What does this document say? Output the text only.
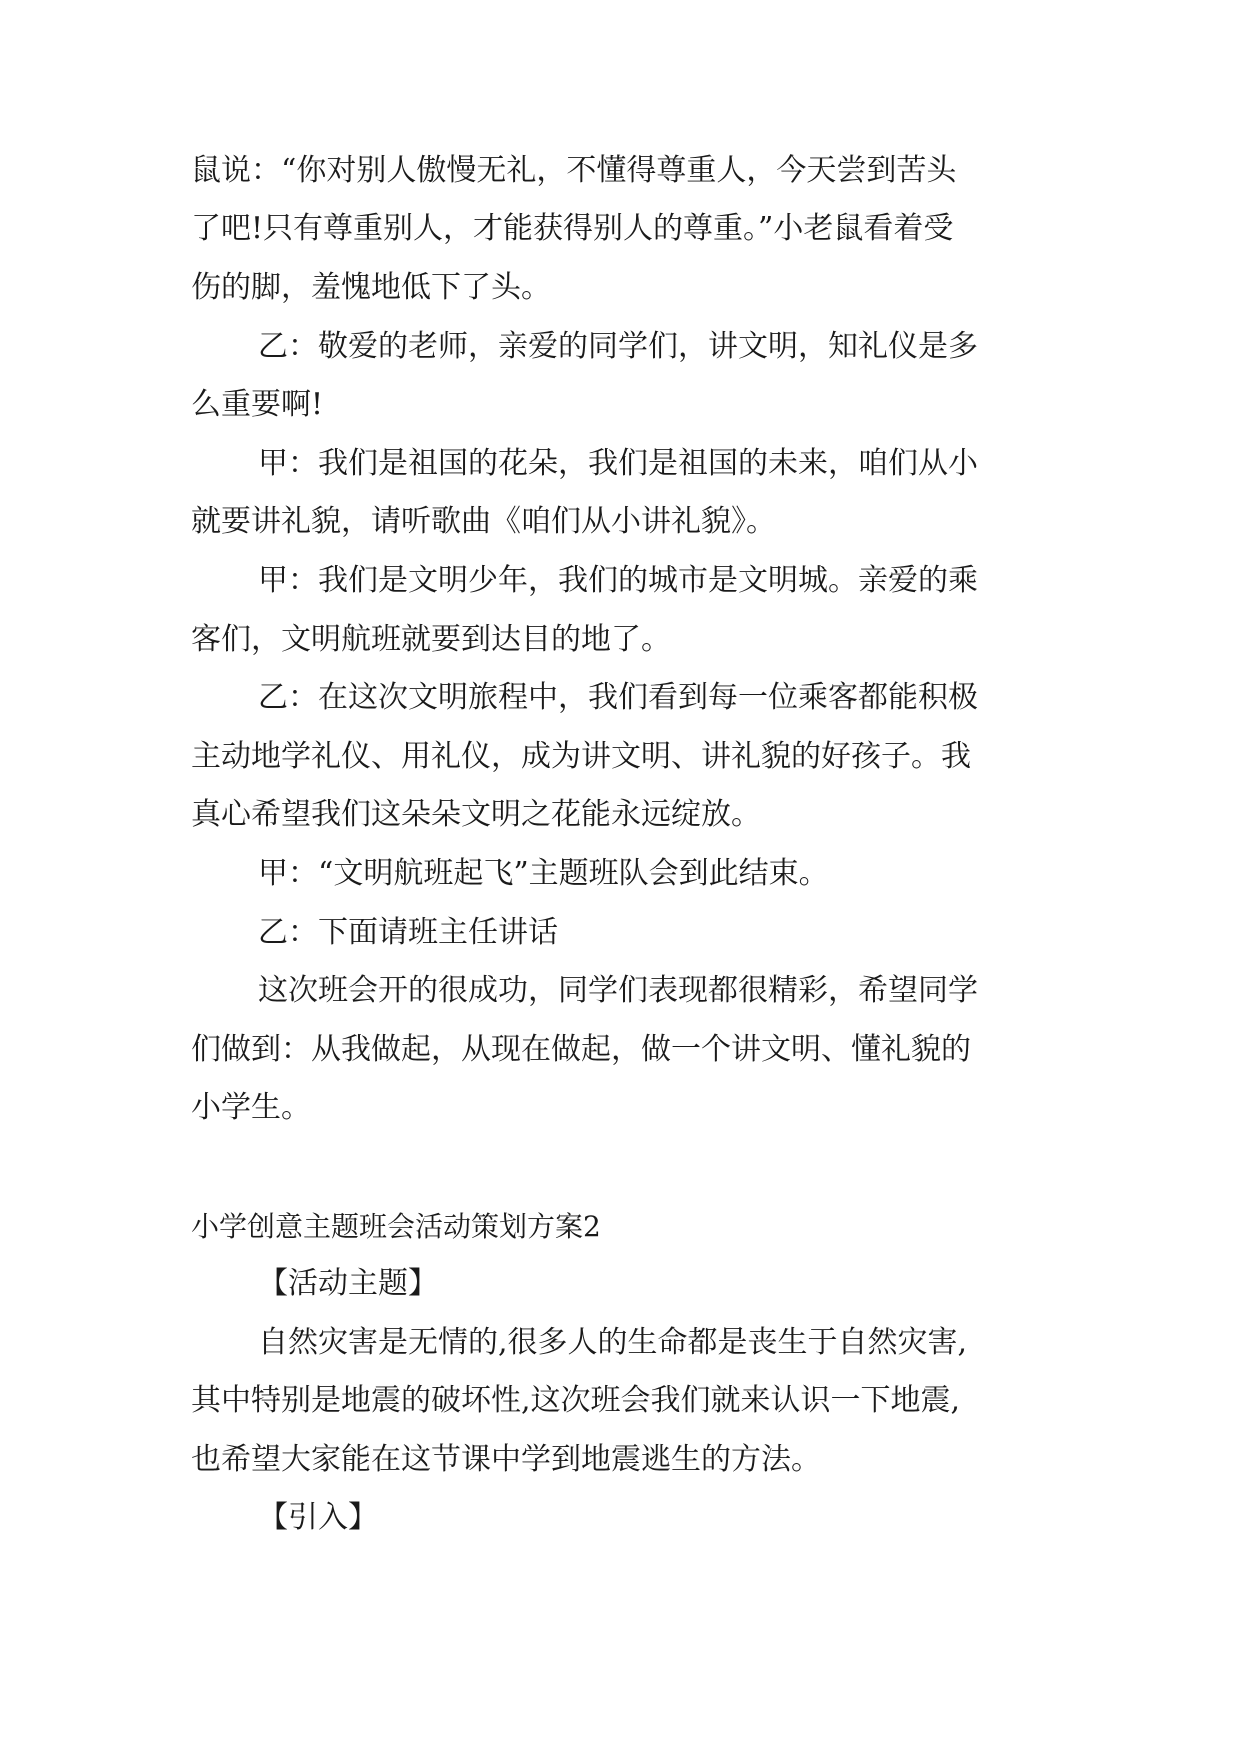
鼠说：“你对别人傲慢无礼，不懂得尊重人，今天尝到苦头
了吧!只有尊重别人，才能获得别人的尊重。”小老鼠看着受
伤的脚，羞愧地低下了头。
乙：敬爱的老师，亲爱的同学们，讲文明，知礼仪是多
么重要啊!
甲：我们是祖国的花朵，我们是祖国的未来，咱们从小
就要讲礼貌，请听歌曲《咱们从小讲礼貌》。
甲：我们是文明少年，我们的城市是文明城。亲爱的乘
客们，文明航班就要到达目的地了。
乙：在这次文明旅程中，我们看到每一位乘客都能积极
主动地学礼仪、用礼仪，成为讲文明、讲礼貌的好孩子。我
真心希望我们这朵朵文明之花能永远绽放。
甲：“文明航班起飞”主题班队会到此结束。
乙：下面请班主任讲话
这次班会开的很成功，同学们表现都很精彩，希望同学
们做到：从我做起，从现在做起，做一个讲文明、懂礼貌的
小学生。
小学创意主题班会活动策划方案2
【活动主题】
自然灾害是无情的,很多人的生命都是丧生于自然灾害,
其中特别是地震的破坏性,这次班会我们就来认识一下地震,
也希望大家能在这节课中学到地震逃生的方法。
【引入】
